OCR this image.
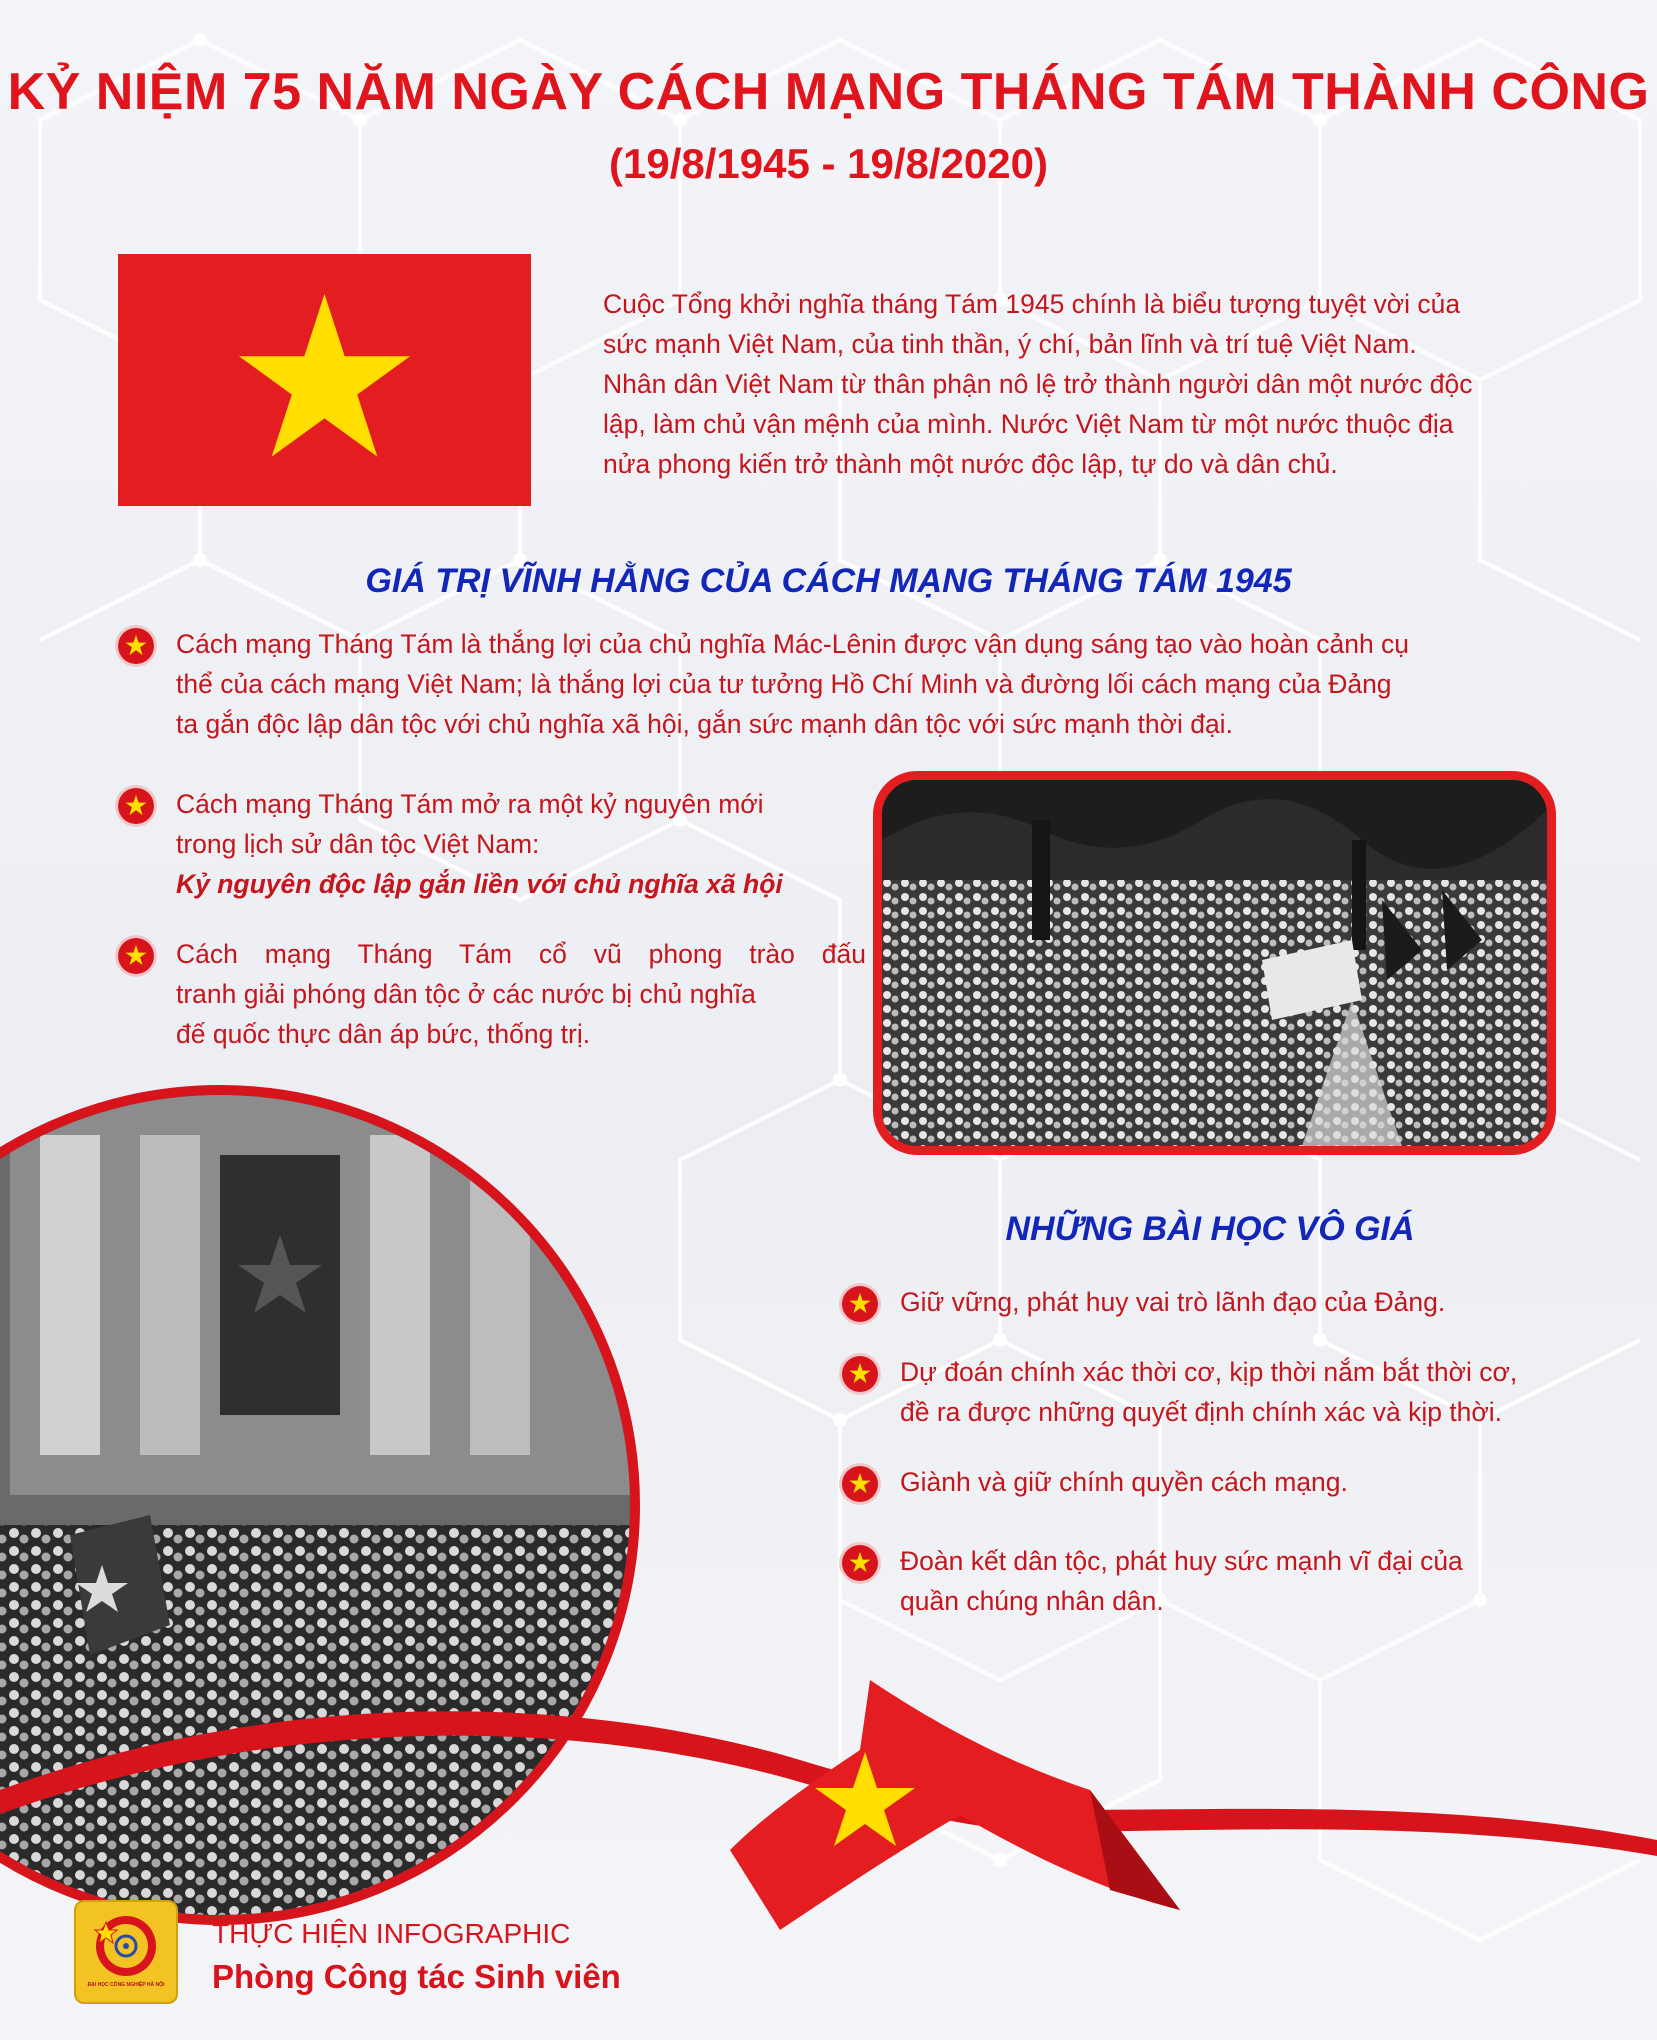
KỶ NIỆM 75 NĂM NGÀY CÁCH MẠNG THÁNG TÁM THÀNH CÔNG
(19/8/1945 - 19/8/2020)
Cuộc Tổng khởi nghĩa tháng Tám 1945 chính là biểu tượng tuyệt vời của
sức mạnh Việt Nam, của tinh thần, ý chí, bản lĩnh và trí tuệ Việt Nam.
Nhân dân Việt Nam từ thân phận nô lệ trở thành người dân một nước độc
lập, làm chủ vận mệnh của mình. Nước Việt Nam từ một nước thuộc địa
nửa phong kiến trở thành một nước độc lập, tự do và dân chủ.
GIÁ TRỊ VĨNH HẰNG CỦA CÁCH MẠNG THÁNG TÁM 1945
Cách mạng Tháng Tám là thắng lợi của chủ nghĩa Mác-Lênin được vận dụng sáng tạo vào hoàn cảnh cụ
thể của cách mạng Việt Nam; là thắng lợi của tư tưởng Hồ Chí Minh và đường lối cách mạng của Đảng
ta gắn độc lập dân tộc với chủ nghĩa xã hội, gắn sức mạnh dân tộc với sức mạnh thời đại.
Cách mạng Tháng Tám mở ra một kỷ nguyên mới
trong lịch sử dân tộc Việt Nam:
Kỷ nguyên độc lập gắn liền với chủ nghĩa xã hội
Cách mạng Tháng Tám cổ vũ phong trào đấu
tranh giải phóng dân tộc ở các nước bị chủ nghĩa
đế quốc thực dân áp bức, thống trị.
NHỮNG BÀI HỌC VÔ GIÁ
Giữ vững, phát huy vai trò lãnh đạo của Đảng.
Dự đoán chính xác thời cơ, kịp thời nắm bắt thời cơ,
đề ra được những quyết định chính xác và kịp thời.
Giành và giữ chính quyền cách mạng.
Đoàn kết dân tộc, phát huy sức mạnh vĩ đại của
quần chúng nhân dân.
ĐẠI HỌC CÔNG NGHIỆP HÀ NỘI
THỰC HIỆN INFOGRAPHIC
Phòng Công tác Sinh viên
